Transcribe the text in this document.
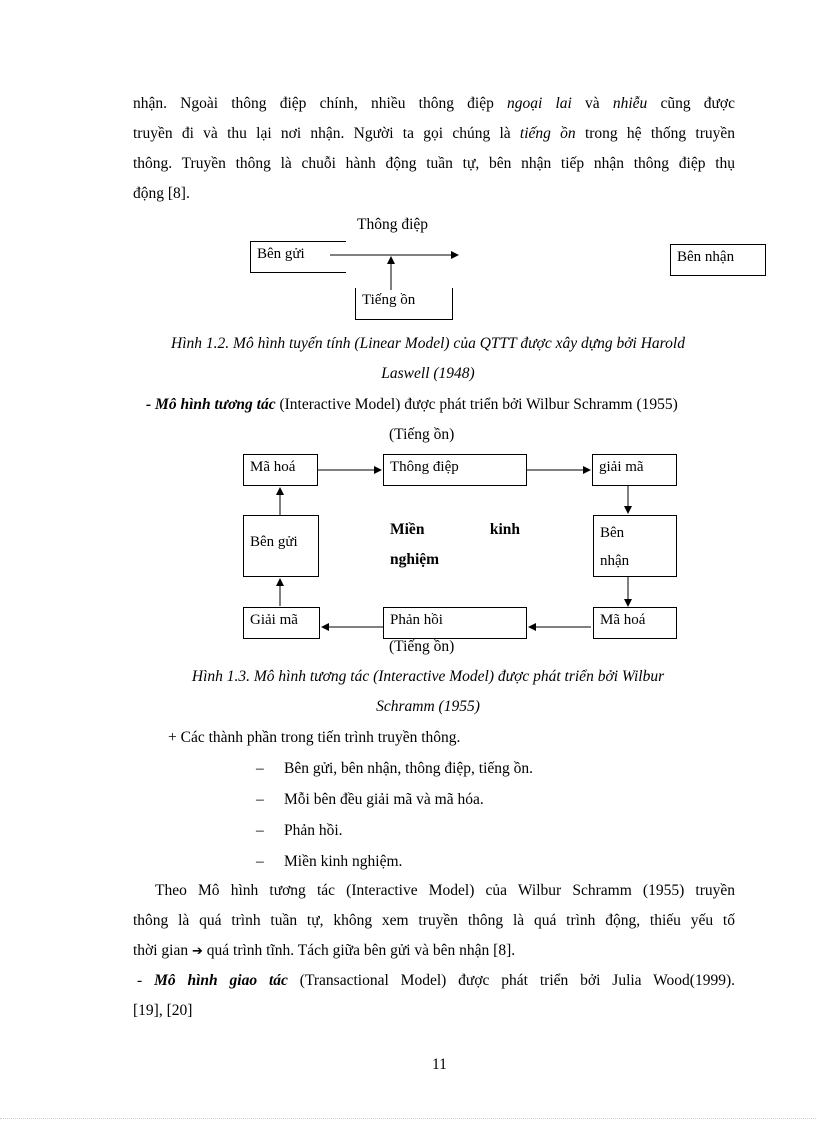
nhận. Ngoài thông điệp chính, nhiều thông điệp ngoại lai và nhiễu cũng được
truyền đi và thu lại nơi nhận. Người ta gọi chúng là tiếng ồn trong hệ thống truyền
thông. Truyền thông là chuỗi hành động tuần tự, bên nhận tiếp nhận thông điệp thụ
động [8].
Thông điệp
Bên gửi	Bên nhận
Tiếng ồn
Hình 1.2. Mô hình tuyến tính (Linear Model) của QTTT được xây dựng bởi Harold
Laswell (1948)
- Mô hình tương tác (Interactive Model) được phát triển bởi Wilbur Schramm (1955)
(Tiếng ồn)
Mã hoá	Thông điệp	giải mã
Bên gửi
Miền	kinh
nghiệm
Bên
nhận
Giải mã	Phản hồi	Mã hoá
(Tiếng ồn)
Hình 1.3. Mô hình tương tác (Interactive Model) được phát triển bởi Wilbur
Schramm (1955)
+ Các thành phần trong tiến trình truyền thông.
– Bên gửi, bên nhận, thông điệp, tiếng ồn.
– Mỗi bên đều giải mã và mã hóa.
– Phản hồi.
– Miền kinh nghiệm.
Theo Mô hình tương tác (Interactive Model) của Wilbur Schramm (1955) truyền
thông là quá trình tuần tự, không xem truyền thông là quá trình động, thiếu yếu tố
thời gian ➔ quá trình tĩnh. Tách giữa bên gửi và bên nhận [8].
- Mô hình giao tác (Transactional Model) được phát triển bởi Julia Wood(1999).
[19], [20]
11
